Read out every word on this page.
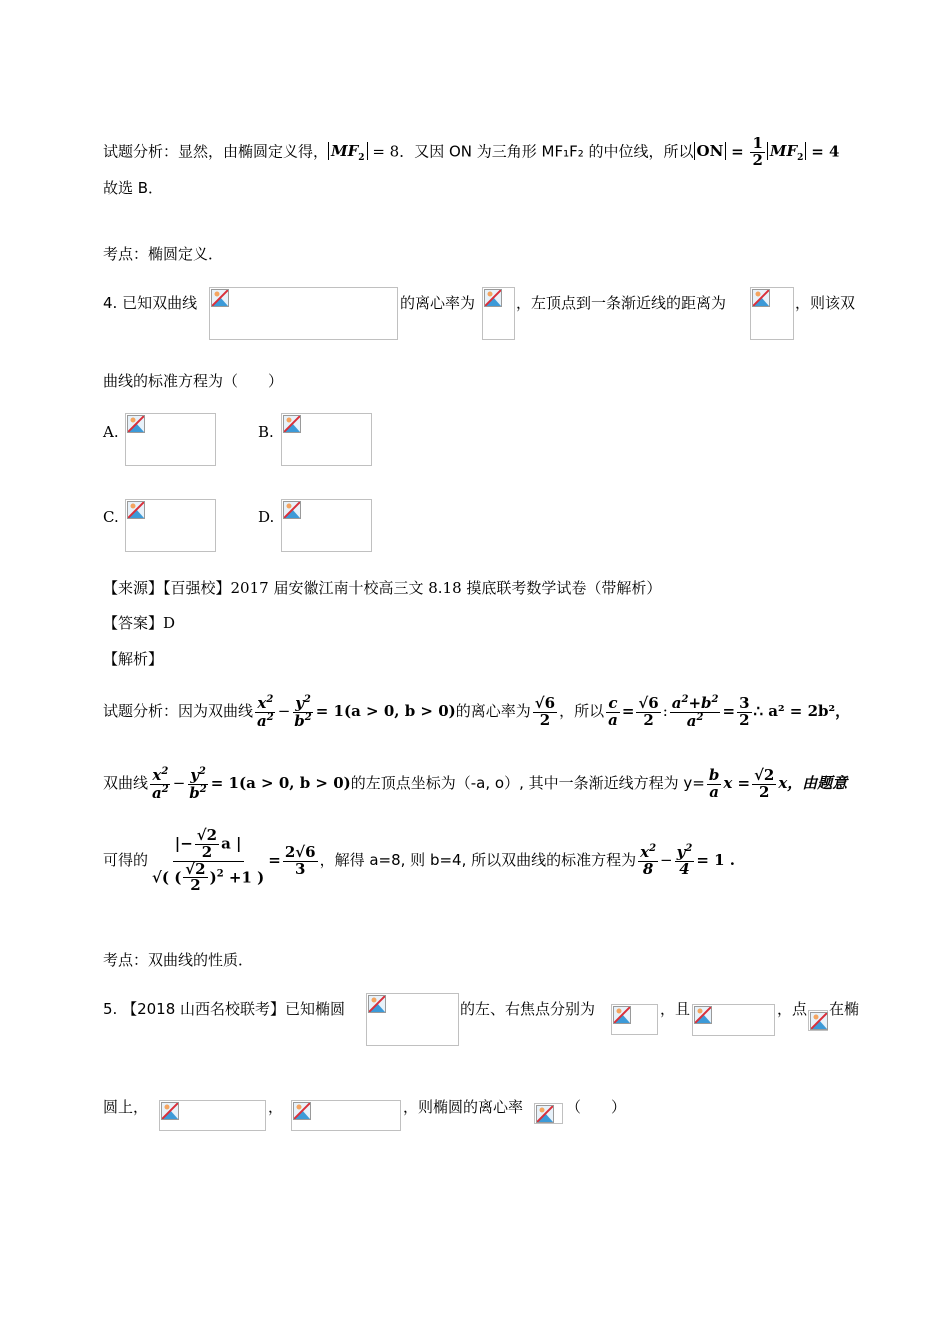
试题分析：显然，由椭圆定义得， $MF_2 = 8$．又因 ON 为三角形 MF₁F₂ 的中位线，所以 ON = $\frac{1}{2} MF_2 = 4$
故选 B．
考点：椭圆定义．
4. 已知双曲线	的离心率为	，左顶点到一条渐近线的距离为	，则该双
曲线的标准方程为（　　）
A.	B.
C.	D.
【来源】【百强校】2017 届安徽江南十校高三文 8.18 摸底联考数学试卷（带解析）
【答案】D
【解析】
试题分析：因为双曲线 $\frac{x^2}{a^2} - \frac{y^2}{b^2} = 1(a > 0$, b > 0)的离心率为 $\frac{√6}{2}$ ，所以 $\frac{c}{a} = \frac{√6}{2}$ : $\frac{a^2+b^2}{a^2} = \frac{3}{2}$ ∴ a² = 2b²，
双曲线 $\frac{x^2}{a^2} - \frac{y^2}{b^2} = 1(a > 0$, b > 0)的左顶点坐标为（-a, o）, 其中一条渐近线方程为 $y= \frac{b}{a}$ $x = \frac{√2}{2}$ x，由题意
可得的 $\frac{|- \frac{√2}{2} a |}{√( ( \frac{√2}{2} )^2 +1 )} = \frac{2√6}{3}$ ，解得 a=8, 则 b=4, 所以双曲线的标准方程为 $\frac{x^2}{8} - \frac{y^2}{4} = 1$ .
考点：双曲线的性质．
5. 【2018 山西名校联考】已知椭圆	的左、右焦点分别为	，且	，点 在椭
圆上，	，	，则椭圆的离心率	（　　）
